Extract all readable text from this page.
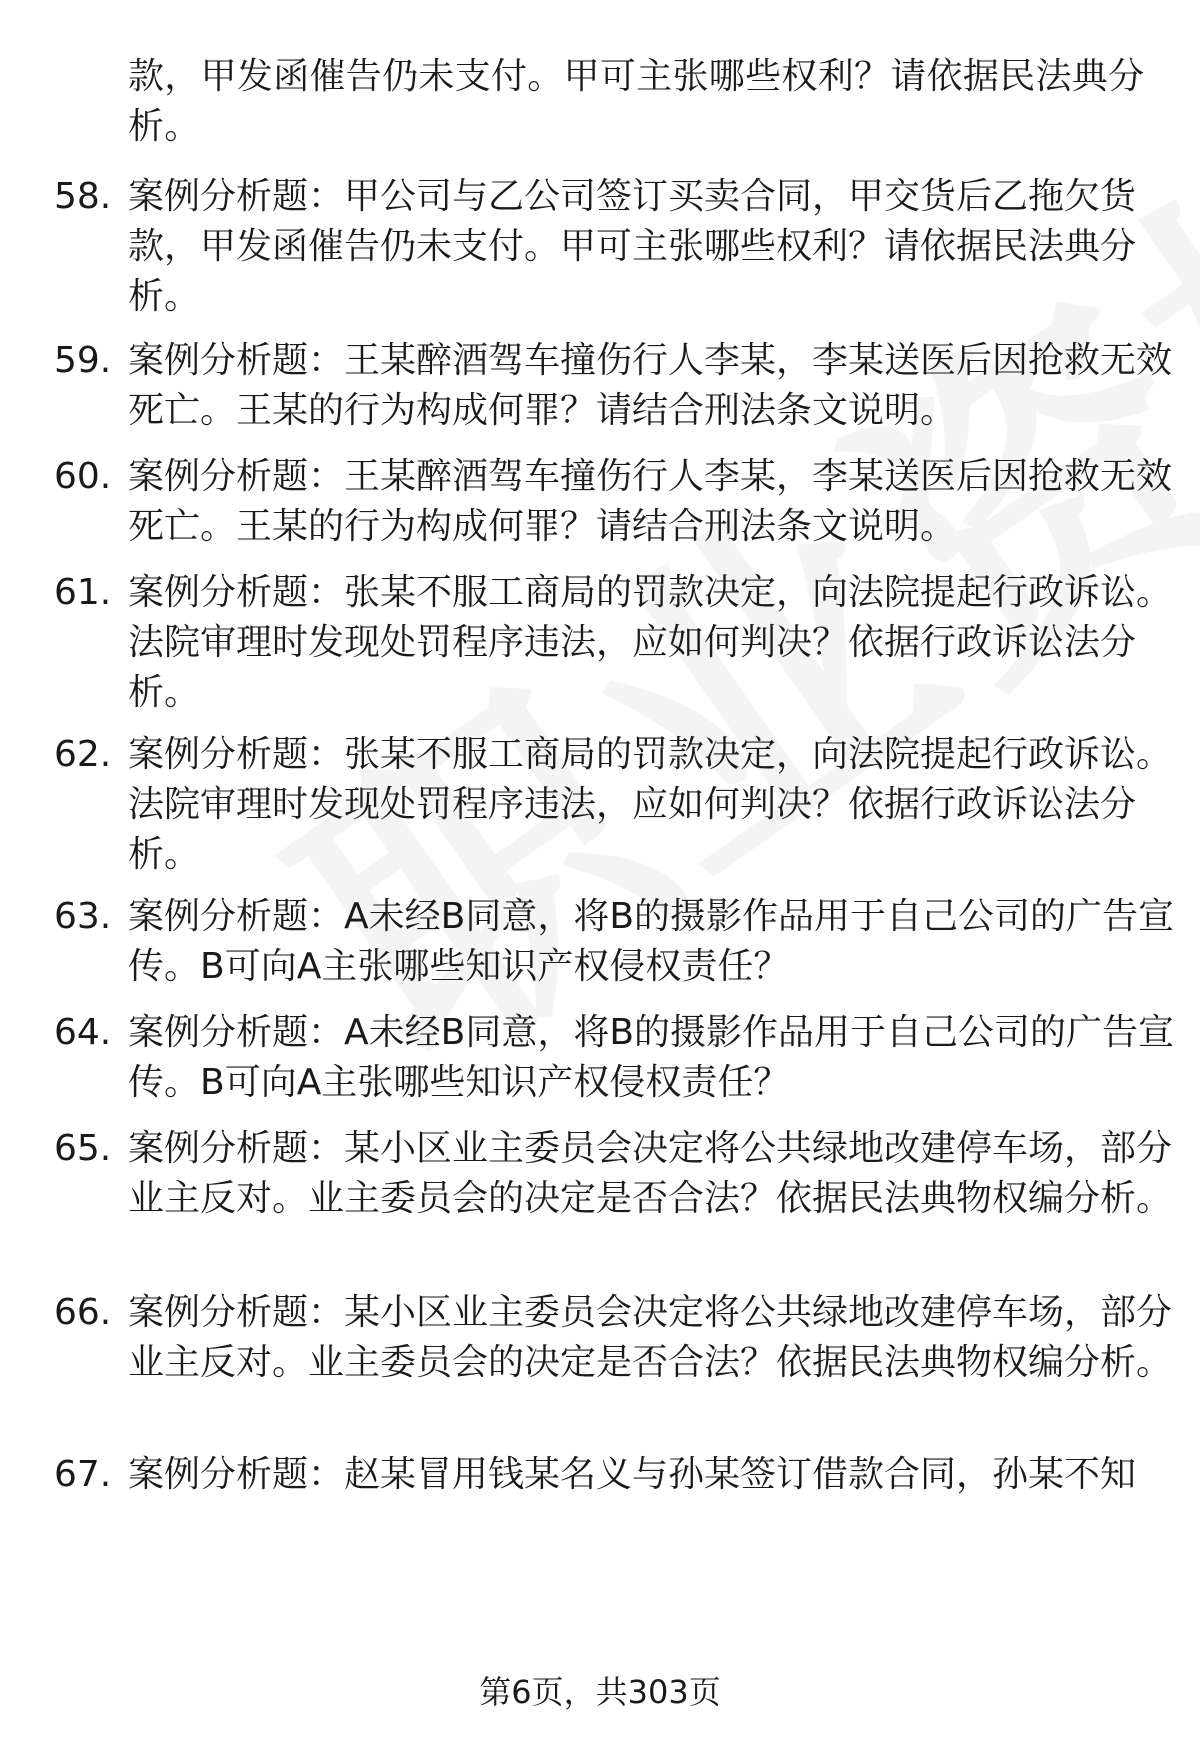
款，甲发函催告仍未支付。甲可主张哪些权利？请依据民法典分析。
58. 案例分析题：甲公司与乙公司签订买卖合同，甲交货后乙拖欠货款，甲发函催告仍未支付。甲可主张哪些权利？请依据民法典分析。
59. 案例分析题：王某醉酒驾车撞伤行人李某，李某送医后因抢救无效死亡。王某的行为构成何罪？请结合刑法条文说明。
60. 案例分析题：王某醉酒驾车撞伤行人李某，李某送医后因抢救无效死亡。王某的行为构成何罪？请结合刑法条文说明。
61. 案例分析题：张某不服工商局的罚款决定，向法院提起行政诉讼。法院审理时发现处罚程序违法，应如何判决？依据行政诉讼法分析。
62. 案例分析题：张某不服工商局的罚款决定，向法院提起行政诉讼。法院审理时发现处罚程序违法，应如何判决？依据行政诉讼法分析。
63. 案例分析题：A未经B同意，将B的摄影作品用于自己公司的广告宣传。B可向A主张哪些知识产权侵权责任？
64. 案例分析题：A未经B同意，将B的摄影作品用于自己公司的广告宣传。B可向A主张哪些知识产权侵权责任？
65. 案例分析题：某小区业主委员会决定将公共绿地改建停车场，部分业主反对。业主委员会的决定是否合法？依据民法典物权编分析。
66. 案例分析题：某小区业主委员会决定将公共绿地改建停车场，部分业主反对。业主委员会的决定是否合法？依据民法典物权编分析。
67. 案例分析题：赵某冒用钱某名义与孙某签订借款合同，孙某不知
第6页，共303页
